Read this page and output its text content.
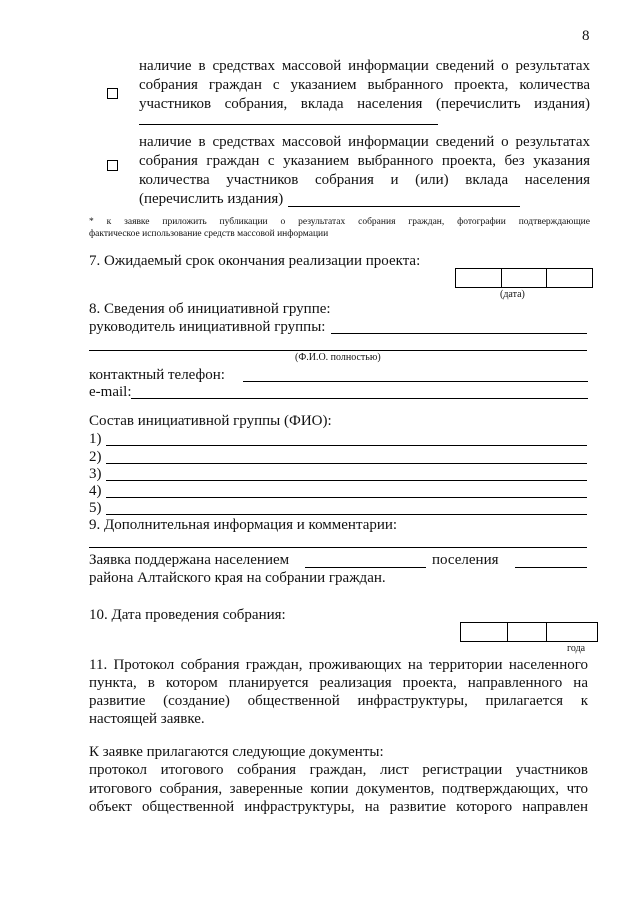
8
наличие в средствах массовой информации сведений о результатах
собрания граждан с указанием выбранного проекта, количества
участников собрания, вклада населения (перечислить издания)
наличие в средствах массовой информации сведений о результатах
собрания граждан с указанием выбранного проекта, без указания
количества участников собрания и (или) вклада населения
(перечислить издания)
* к заявке приложить публикации о результатах собрания граждан, фотографии подтверждающие
фактическое использование средств массовой информации
7. Ожидаемый срок окончания реализации проекта:
(дата)
8. Сведения об инициативной группе:
руководитель инициативной группы:
(Ф.И.О. полностью)
контактный телефон:
e-mail:
Состав инициативной группы (ФИО):
1)
2)
3)
4)
5)
9. Дополнительная информация и комментарии:
Заявка поддержана населением	поселения
района Алтайского края на собрании граждан.
10. Дата проведения собрания:
года
11. Протокол собрания граждан, проживающих на территории населенного
пункта, в котором планируется реализация проекта, направленного на
развитие (создание) общественной инфраструктуры, прилагается к
настоящей заявке.
К заявке прилагаются следующие документы:
протокол итогового собрания граждан, лист регистрации участников
итогового собрания, заверенные копии документов, подтверждающих, что
объект общественной инфраструктуры, на развитие которого направлен
